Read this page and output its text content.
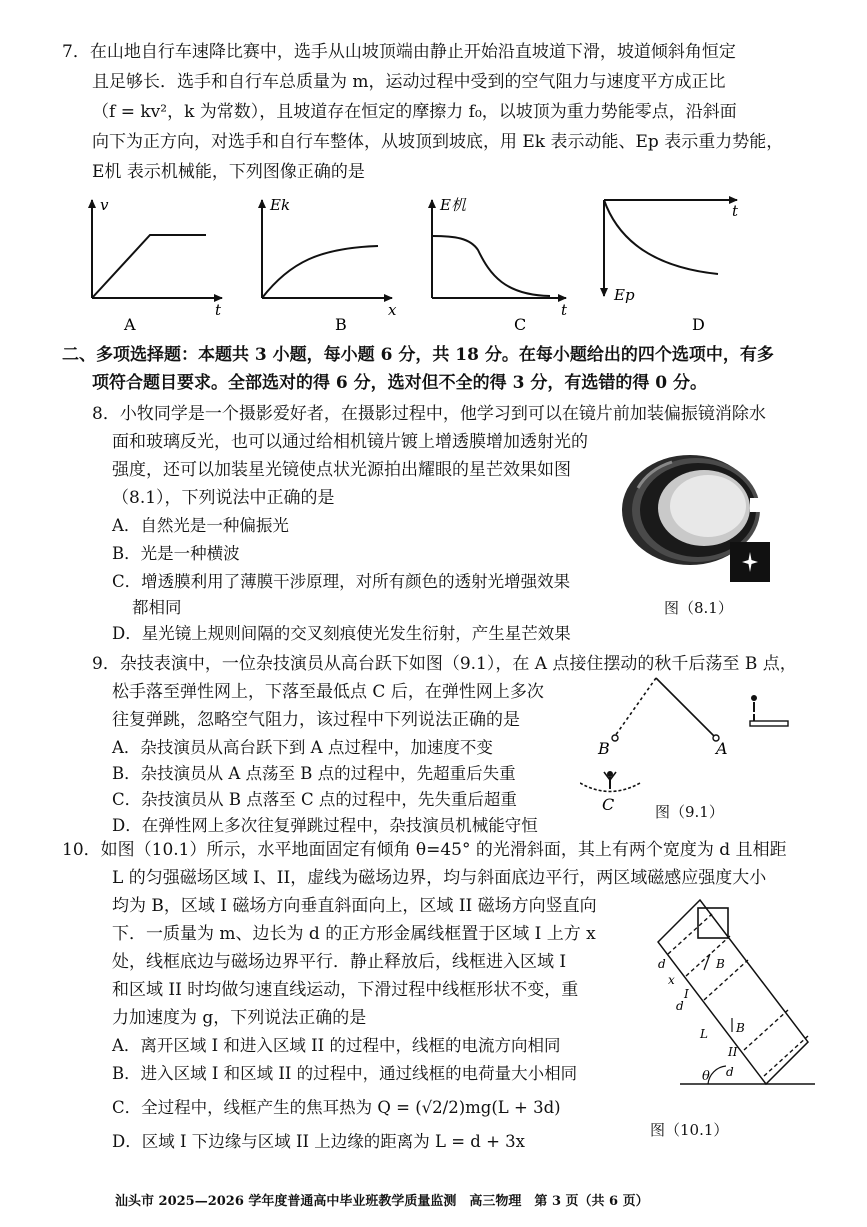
7．在山地自行车速降比赛中，选手从山坡顶端由静止开始沿直坡道下滑，坡道倾斜角恒定
且足够长．选手和自行车总质量为 m，运动过程中受到的空气阻力与速度平方成正比
（f = kv²，k 为常数），且坡道存在恒定的摩擦力 f₀，以坡顶为重力势能零点，沿斜面
向下为正方向，对选手和自行车整体，从坡顶到坡底，用 Ek 表示动能、Ep 表示重力势能，
E机 表示机械能，下列图像正确的是
v
t
A
Ek
x
B
E机
t
C
t
Ep
D
二、多项选择题：本题共 3 小题，每小题 6 分，共 18 分。在每小题给出的四个选项中，有多
项符合题目要求。全部选对的得 6 分，选对但不全的得 3 分，有选错的得 0 分。
8．小牧同学是一个摄影爱好者，在摄影过程中，他学习到可以在镜片前加装偏振镜消除水
面和玻璃反光，也可以通过给相机镜片镀上增透膜增加透射光的
强度，还可以加装星光镜使点状光源拍出耀眼的星芒效果如图
（8.1），下列说法中正确的是
A．自然光是一种偏振光
B．光是一种横波
C．增透膜利用了薄膜干涉原理，对所有颜色的透射光增强效果
都相同
D．星光镜上规则间隔的交叉刻痕使光发生衍射，产生星芒效果
图（8.1）
9．杂技表演中，一位杂技演员从高台跃下如图（9.1），在 A 点接住摆动的秋千后荡至 B 点，
松手落至弹性网上，下落至最低点 C 后，在弹性网上多次
往复弹跳，忽略空气阻力，该过程中下列说法正确的是
A．杂技演员从高台跃下到 A 点过程中，加速度不变
B．杂技演员从 A 点荡至 B 点的过程中，先超重后失重
C．杂技演员从 B 点落至 C 点的过程中，先失重后超重
D．在弹性网上多次往复弹跳过程中，杂技演员机械能守恒
B	A
C	图（9.1）
10．如图（10.1）所示，水平地面固定有倾角 θ=45° 的光滑斜面，其上有两个宽度为 d 且相距
L 的匀强磁场区域 I、II，虚线为磁场边界，均与斜面底边平行，两区域磁感应强度大小
均为 B，区域 I 磁场方向垂直斜面向上，区域 II 磁场方向竖直向
下．一质量为 m、边长为 d 的正方形金属线框置于区域 I 上方 x
处，线框底边与磁场边界平行．静止释放后，线框进入区域 I
和区域 II 时均做匀速直线运动，下滑过程中线框形状不变，重
力加速度为 g，下列说法正确的是
A．离开区域 I 和进入区域 II 的过程中，线框的电流方向相同
B．进入区域 I 和区域 II 的过程中，通过线框的电荷量大小相同
C．全过程中，线框产生的焦耳热为 Q = (√2/2)mg(L + 3d)
D．区域 I 下边缘与区域 II 上边缘的距离为 L = d + 3x
d
x
B
I
d
L B
II
d
θ
图（10.1）
汕头市 2025—2026 学年度普通高中毕业班教学质量监测　高三物理　第 3 页（共 6 页）
